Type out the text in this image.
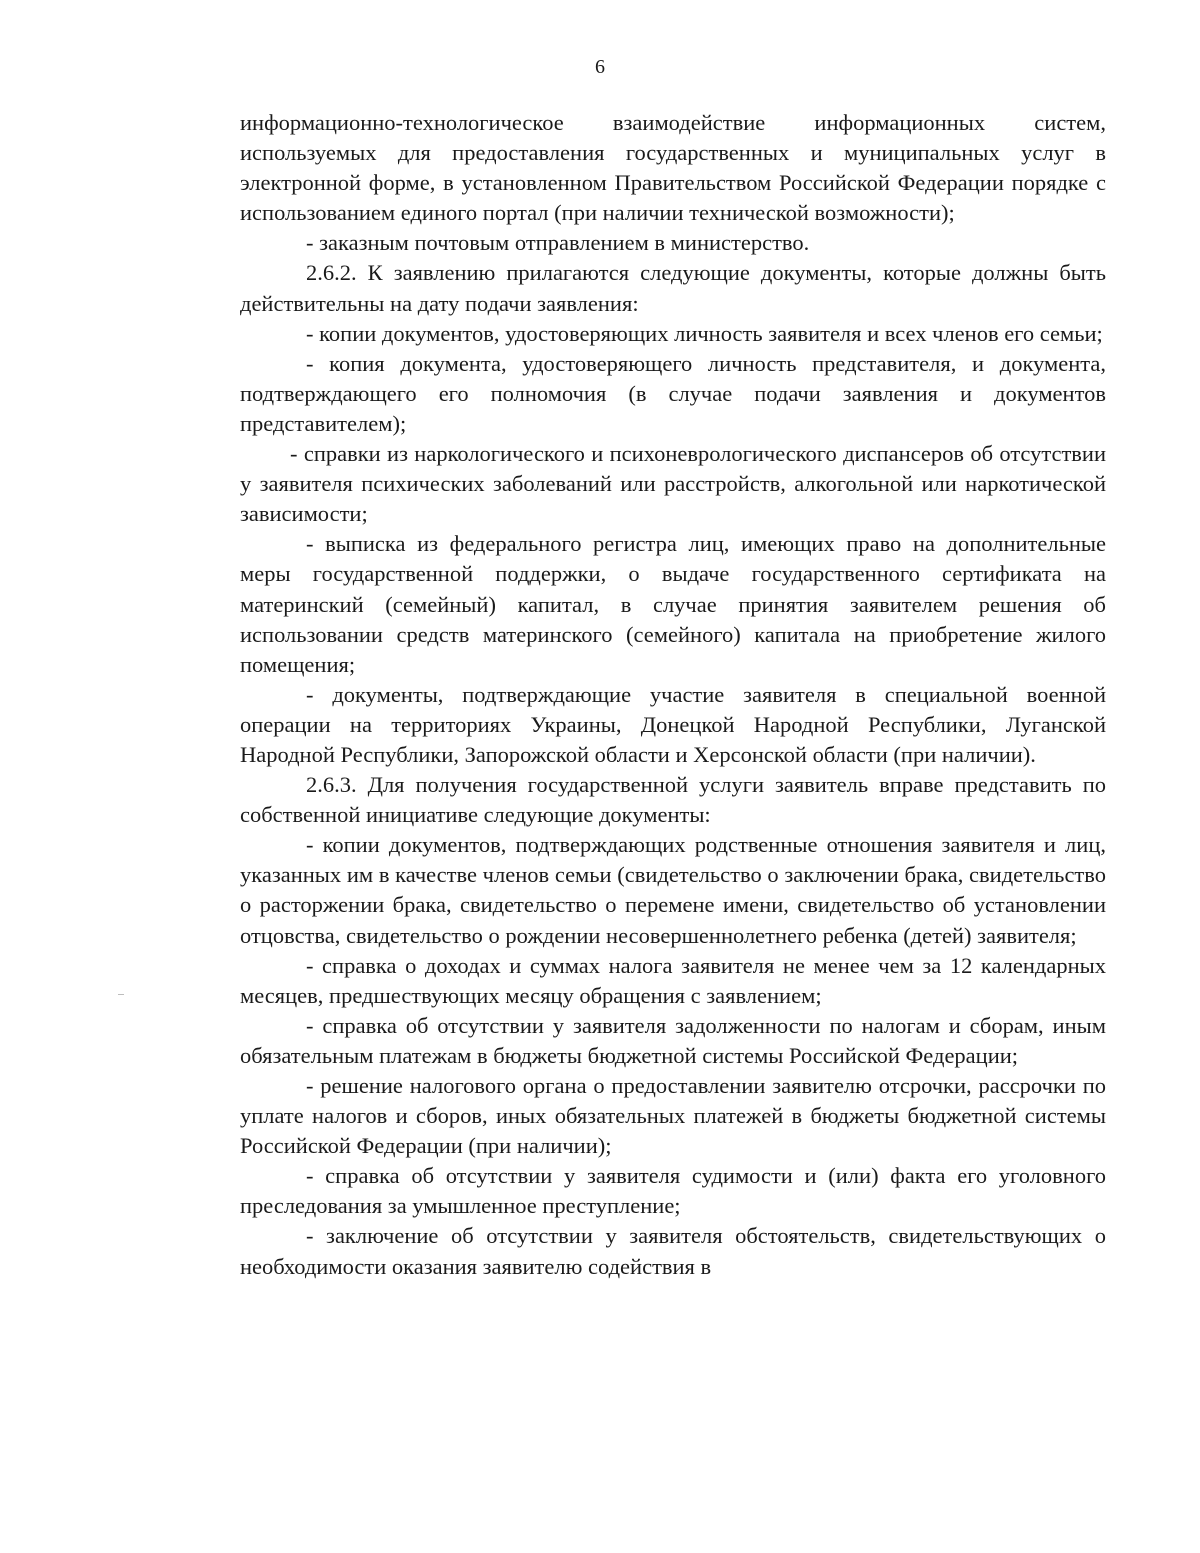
6

информационно-технологическое взаимодействие информационных систем, используемых для предоставления государственных и муниципальных услуг в электронной форме, в установленном Правительством Российской Федерации порядке с использованием единого портал (при наличии технической возможности);

- заказным почтовым отправлением в министерство.

2.6.2. К заявлению прилагаются следующие документы, которые должны быть действительны на дату подачи заявления:

- копии документов, удостоверяющих личность заявителя и всех членов его семьи;

- копия документа, удостоверяющего личность представителя, и документа, подтверждающего его полномочия (в случае подачи заявления и документов представителем);

- справки из наркологического и психоневрологического диспансеров об отсутствии у заявителя психических заболеваний или расстройств, алкогольной или наркотической зависимости;

- выписка из федерального регистра лиц, имеющих право на дополнительные меры государственной поддержки, о выдаче государственного сертификата на материнский (семейный) капитал, в случае принятия заявителем решения об использовании средств материнского (семейного) капитала на приобретение жилого помещения;

- документы, подтверждающие участие заявителя в специальной военной операции на территориях Украины, Донецкой Народной Республики, Луганской Народной Республики, Запорожской области и Херсонской области (при наличии).

2.6.3. Для получения государственной услуги заявитель вправе представить по собственной инициативе следующие документы:

- копии документов, подтверждающих родственные отношения заявителя и лиц, указанных им в качестве членов семьи (свидетельство о заключении брака, свидетельство о расторжении брака, свидетельство о перемене имени, свидетельство об установлении отцовства, свидетельство о рождении несовершеннолетнего ребенка (детей) заявителя;

- справка о доходах и суммах налога заявителя не менее чем за 12 календарных месяцев, предшествующих месяцу обращения с заявлением;

- справка об отсутствии у заявителя задолженности по налогам и сборам, иным обязательным платежам в бюджеты бюджетной системы Российской Федерации;

- решение налогового органа о предоставлении заявителю отсрочки, рассрочки по уплате налогов и сборов, иных обязательных платежей в бюджеты бюджетной системы Российской Федерации (при наличии);

- справка об отсутствии у заявителя судимости и (или) факта его уголовного преследования за умышленное преступление;

- заключение об отсутствии у заявителя обстоятельств, свидетельствующих о необходимости оказания заявителю содействия в
